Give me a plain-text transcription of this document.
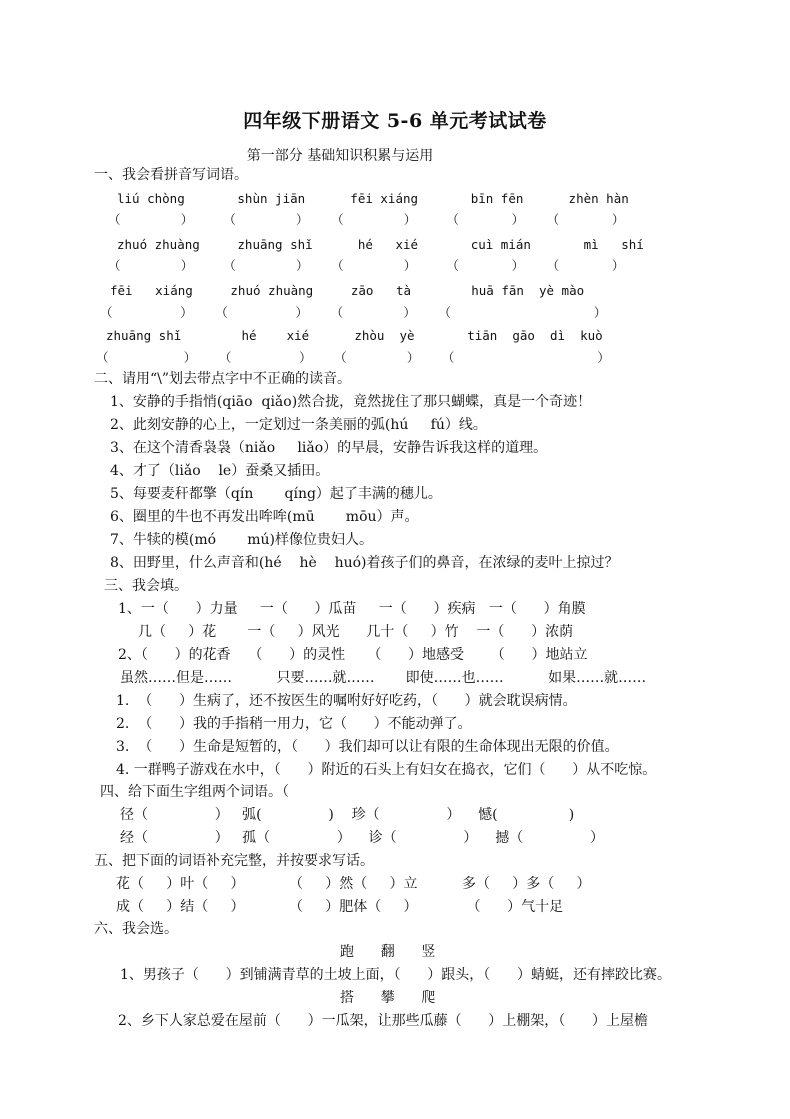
四年级下册语文 5-6 单元考试试卷
第一部分 基础知识积累与运用
一、我会看拼音写词语。
liú chòng       shùn jiān      fēi xiáng       bīn fēn      zhèn hàn
（        ）    （        ）   （        ）    （       ）   （       ）
zhuó zhuàng     zhuāng shǐ      hé   xié       cuì mián       mì   shí
（        ）    （        ）   （        ）    （       ）   （       ）
fēi   xiáng     zhuó zhuàng     zāo   tà        huā fān  yè mào
（         ）   （         ）   （        ）   （                   ）
zhuāng shǐ        hé    xié      zhòu  yè       tiān  gāo  dì  kuò
（          ）   （         ）   （        ）   （                   ）
二、请用“\”划去带点字中不正确的读音。
1、安静的手指悄(qiāo  qiǎo)然合拢，竟然拢住了那只蝴蝶，真是一个奇迹！
2、此刻安静的心上，一定划过一条美丽的弧(hú     fú）线。
3、在这个清香袅袅（niǎo     liǎo）的早晨，安静告诉我这样的道理。
4、才了（liǎo    le）蚕桑又插田。
5、每要麦秆都擎（qín       qíng）起了丰满的穗儿。
6、圈里的牛也不再发出哞哞(mū       mōu）声。
7、牛犊的模(mó       mú)样像位贵妇人。
8、田野里，什么声音和(hé    hè    huó)着孩子们的鼻音，在浓绿的麦叶上掠过？
三、我会填。
1、一（      ）力量     一（      ）瓜苗     一（      ）疾病   一（      ）角膜
几（     ）花       一（     ）风光      几十（     ）竹    一（      ）浓荫
2、（      ）的花香    （      ）的灵性     （      ）地感受      （      ）地站立
虽然……但是……          只要……就……       即使……也……          如果……就……
1.  （      ）生病了，还不按医生的嘱咐好好吃药，（      ）就会耽误病情。
2.  （      ）我的手指稍一用力，它（      ）不能动弹了。
3.  （      ）生命是短暂的，（      ）我们却可以让有限的生命体现出无限的价值。
4. 一群鸭子游戏在水中，（      ）附近的石头上有妇女在捣衣，它们（      ）从不吃惊。
四、给下面生字组两个词语。（
径（               ）   弧(               )    珍（               ）    憾(                )
经（               ）   孤（               ）    诊（               ）    撼（               ）
五、把下面的词语补充完整，并按要求写话。
花（     ）叶（     ）          （     ）然（     ）立          多（     ）多（     ）
成（     ）结（     ）          （     ）肥体（     ）           （      ）气十足
六、我会选。
跑      翻      竖
1、男孩子（      ）到铺满青草的土坡上面，（      ）跟头，（      ）蜻蜓，还有摔跤比赛。
搭      攀      爬
2、乡下人家总爱在屋前（      ）一瓜架，让那些瓜藤（      ）上棚架，（      ）上屋檐
